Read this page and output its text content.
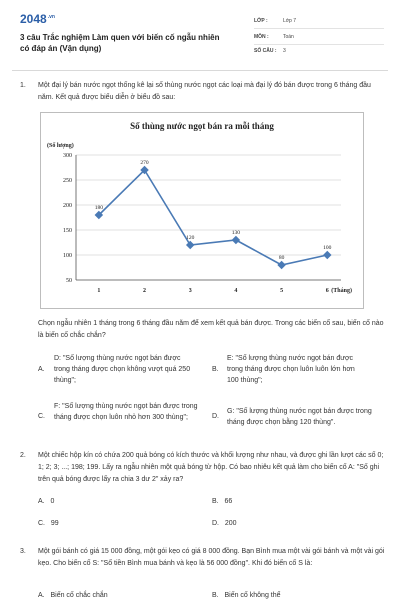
$2048^{.vn}$
3 câu Trắc nghiệm Làm quen với biến cố ngẫu nhiên có đáp án (Vận dụng)
LỚP :	Lớp 7
MÔN :	Toán
SỐ CÂU : 3
1. Một đại lý bán nước ngọt thống kê lại số thùng nước ngọt các loại mà đại lý đó bán được trong 6 tháng đầu năm. Kết quả được biểu diễn ở biểu đồ sau:
Số thùng nước ngọt bán ra mỗi tháng
(Số lượng)
50
100
150
200
250
300
1	2	3	4	5	6 (Tháng)
180
270
120
130
80
100
Chọn ngẫu nhiên 1 tháng trong 6 tháng đầu năm để xem kết quả bán được. Trong các biến cố sau, biến cố nào là biến cố chắc chắn?
A.
D: "Số lượng thùng nước ngọt bán được trong tháng được chọn không vượt quá 250 thùng";
B.
E: "Số lượng thùng nước ngọt bán được trong tháng được chọn luôn luôn lớn hơn 100 thùng";
C.
F: "Số lượng thùng nước ngọt bán được trong tháng được chọn luôn nhỏ hơn 300 thùng";	D.
G: "Số lượng thùng nước ngọt bán được trong tháng được chọn bằng 120 thùng".
2. Một chiếc hộp kín có chứa 200 quả bóng có kích thước và khối lượng như nhau, và được ghi lần lượt các số 0; 1; 2; 3; ...; 198; 199. Lấy ra ngẫu nhiên một quả bóng từ hộp. Có bao nhiêu kết quả làm cho biến cố A: "Số ghi trên quả bóng được lấy ra chia 3 dư 2" xảy ra?
A. 0	B. 66
C. 99	D. 200
3. Một gói bánh có giá 15 000 đồng, một gói kẹo có giá 8 000 đồng. Bạn Bình mua một vài gói bánh và một vài gói kẹo. Cho biến cố S: "Số tiền Bình mua bánh và kẹo là 56 000 đồng". Khi đó biến cố S là:
A. Biến cố chắc chắn	B. Biến cố không thể
